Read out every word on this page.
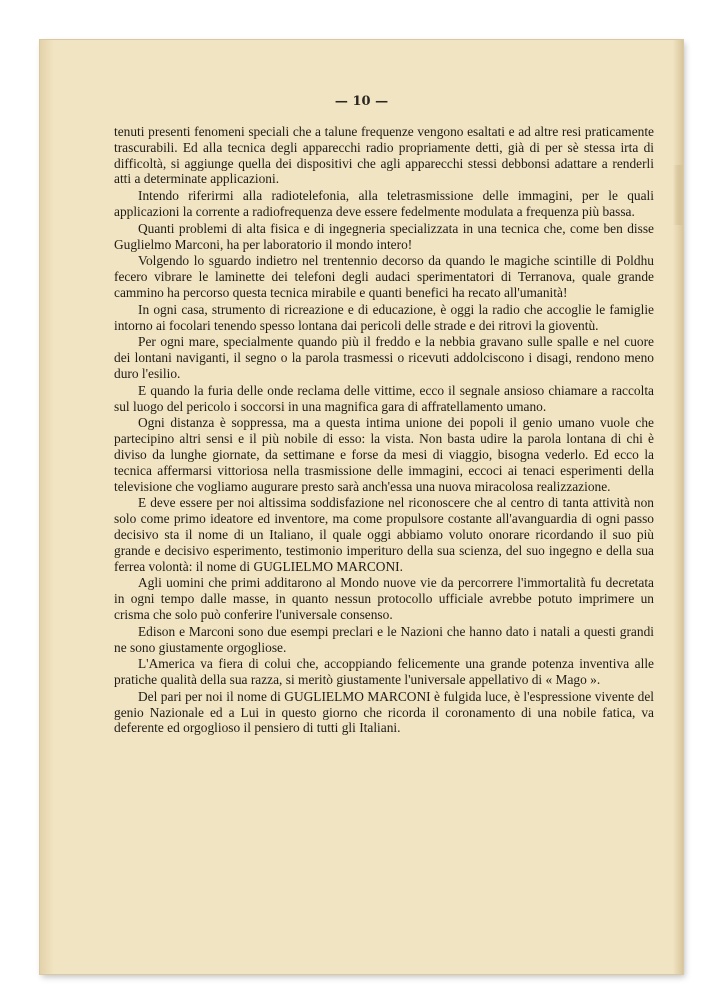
— 10 —

tenuti presenti fenomeni speciali che a talune frequenze vengono esaltati e ad altre resi praticamente trascurabili. Ed alla tecnica degli apparecchi radio propriamente detti, già di per sè stessa irta di difficoltà, si aggiunge quella dei dispositivi che agli apparecchi stessi debbonsi adattare a renderli atti a determinate applicazioni.

Intendo riferirmi alla radiotelefonia, alla teletrasmissione delle immagini, per le quali applicazioni la corrente a radiofrequenza deve essere fedelmente modulata a frequenza più bassa.

Quanti problemi di alta fisica e di ingegneria specializzata in una tecnica che, come ben disse Guglielmo Marconi, ha per laboratorio il mondo intero!

Volgendo lo sguardo indietro nel trentennio decorso da quando le magiche scintille di Poldhu fecero vibrare le laminette dei telefoni degli audaci sperimentatori di Terranova, quale grande cammino ha percorso questa tecnica mirabile e quanti benefici ha recato all'umanità!

In ogni casa, strumento di ricreazione e di educazione, è oggi la radio che accoglie le famiglie intorno ai focolari tenendo spesso lontana dai pericoli delle strade e dei ritrovi la gioventù.

Per ogni mare, specialmente quando più il freddo e la nebbia gravano sulle spalle e nel cuore dei lontani naviganti, il segno o la parola trasmessi o ricevuti addolciscono i disagi, rendono meno duro l'esilio.

E quando la furia delle onde reclama delle vittime, ecco il segnale ansioso chiamare a raccolta sul luogo del pericolo i soccorsi in una magnifica gara di affratellamento umano.

Ogni distanza è soppressa, ma a questa intima unione dei popoli il genio umano vuole che partecipino altri sensi e il più nobile di esso: la vista. Non basta udire la parola lontana di chi è diviso da lunghe giornate, da settimane e forse da mesi di viaggio, bisogna vederlo. Ed ecco la tecnica affermarsi vittoriosa nella trasmissione delle immagini, eccoci ai tenaci esperimenti della televisione che vogliamo augurare presto sarà anch'essa una nuova miracolosa realizzazione.

E deve essere per noi altissima soddisfazione nel riconoscere che al centro di tanta attività non solo come primo ideatore ed inventore, ma come propulsore costante all'avanguardia di ogni passo decisivo sta il nome di un Italiano, il quale oggi abbiamo voluto onorare ricordando il suo più grande e decisivo esperimento, testimonio imperituro della sua scienza, del suo ingegno e della sua ferrea volontà: il nome di GUGLIELMO MARCONI.

Agli uomini che primi additarono al Mondo nuove vie da percorrere l'immortalità fu decretata in ogni tempo dalle masse, in quanto nessun protocollo ufficiale avrebbe potuto imprimere un crisma che solo può conferire l'universale consenso.

Edison e Marconi sono due esempi preclari e le Nazioni che hanno dato i natali a questi grandi ne sono giustamente orgogliose.

L'America va fiera di colui che, accoppiando felicemente una grande potenza inventiva alle pratiche qualità della sua razza, si meritò giustamente l'universale appellativo di « Mago ».

Del pari per noi il nome di GUGLIELMO MARCONI è fulgida luce, è l'espressione vivente del genio Nazionale ed a Lui in questo giorno che ricorda il coronamento di una nobile fatica, va deferente ed orgoglioso il pensiero di tutti gli Italiani.
